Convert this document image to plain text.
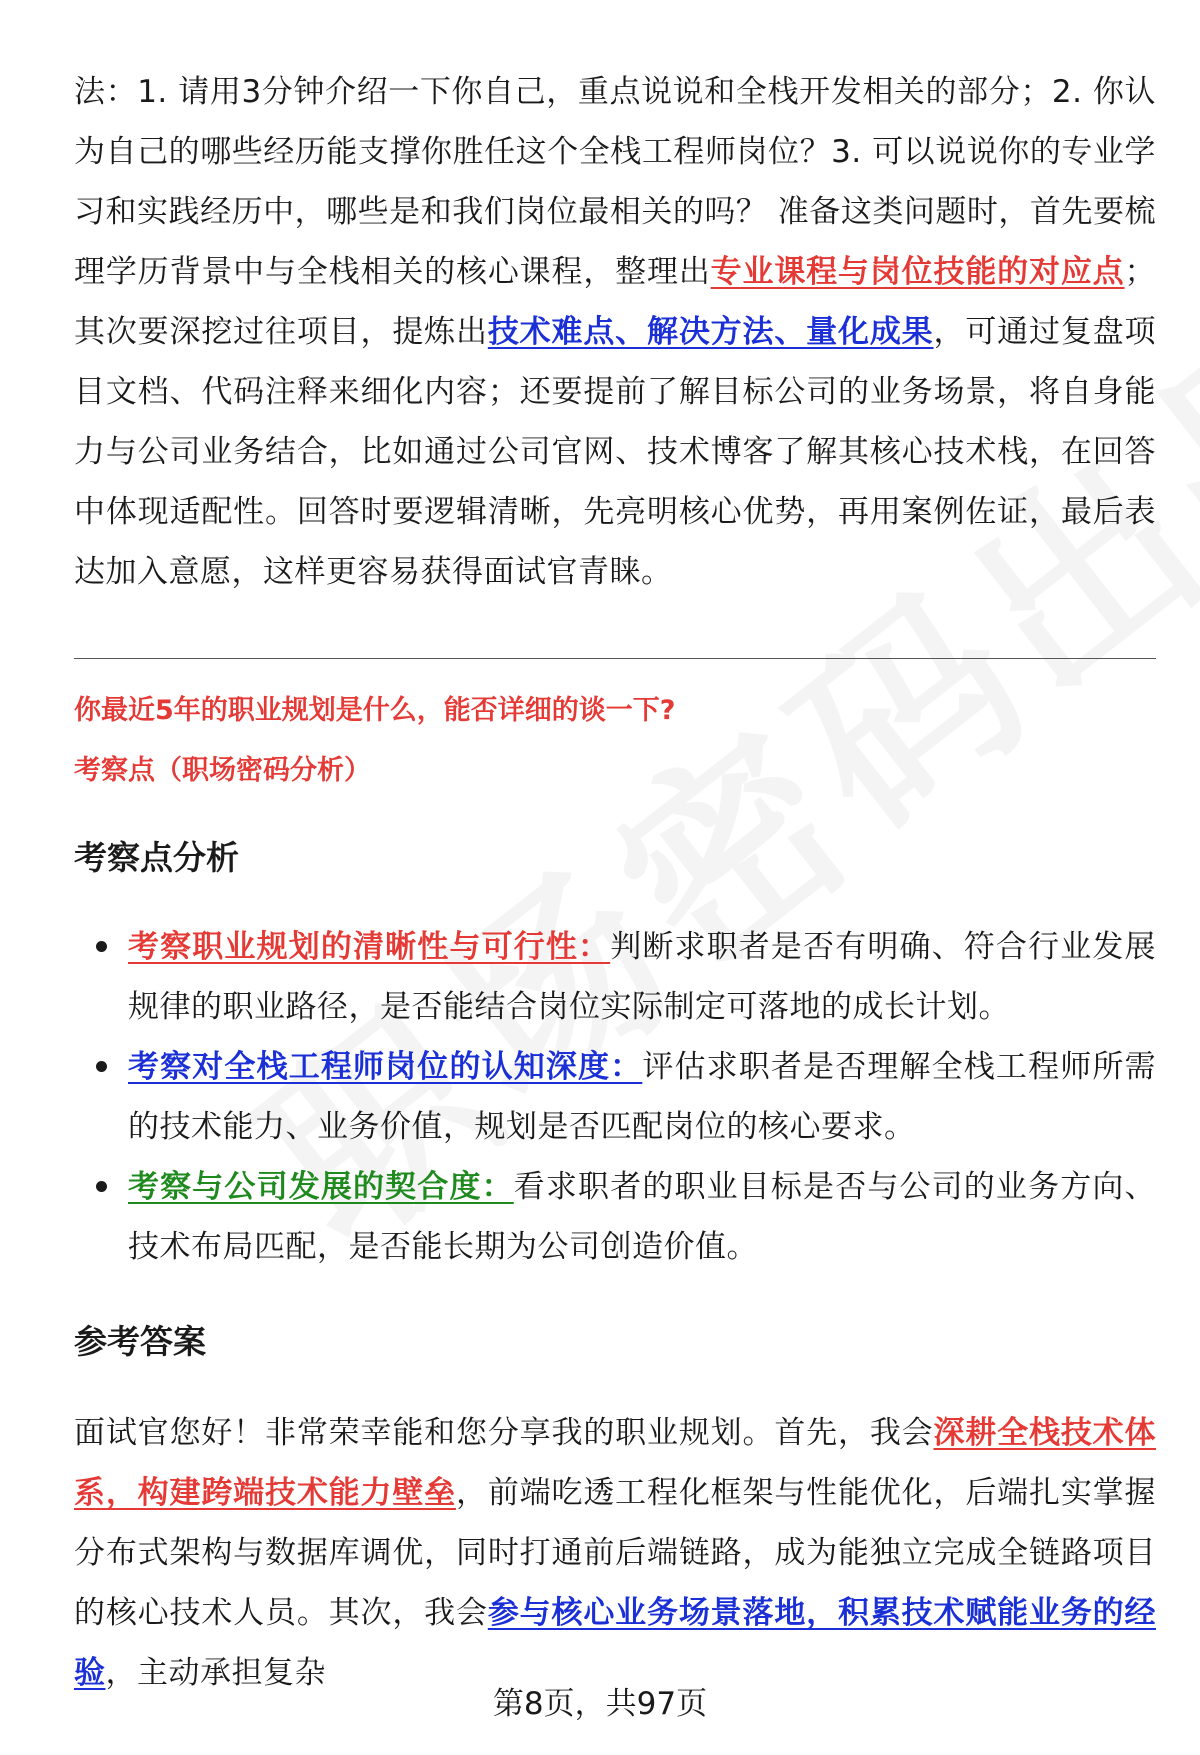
法：1. 请用3分钟介绍一下你自己，重点说说和全栈开发相关的部分；2. 你认为自己的哪些经历能支撑你胜任这个全栈工程师岗位？3. 可以说说你的专业学习和实践经历中，哪些是和我们岗位最相关的吗？ 准备这类问题时，首先要梳理学历背景中与全栈相关的核心课程，整理出专业课程与岗位技能的对应点；其次要深挖过往项目，提炼出技术难点、解决方法、量化成果，可通过复盘项目文档、代码注释来细化内容；还要提前了解目标公司的业务场景，将自身能力与公司业务结合，比如通过公司官网、技术博客了解其核心技术栈，在回答中体现适配性。回答时要逻辑清晰，先亮明核心优势，再用案例佐证，最后表达加入意愿，这样更容易获得面试官青睐。

你最近5年的职业规划是什么，能否详细的谈一下?

考察点（职场密码分析）

考察点分析
考察职业规划的清晰性与可行性：判断求职者是否有明确、符合行业发展规律的职业路径，是否能结合岗位实际制定可落地的成长计划。
考察对全栈工程师岗位的认知深度：评估求职者是否理解全栈工程师所需的技术能力、业务价值，规划是否匹配岗位的核心要求。
考察与公司发展的契合度：看求职者的职业目标是否与公司的业务方向、技术布局匹配，是否能长期为公司创造价值。
参考答案

面试官您好！非常荣幸能和您分享我的职业规划。首先，我会深耕全栈技术体系，构建跨端技术能力壁垒，前端吃透工程化框架与性能优化，后端扎实掌握分布式架构与数据库调优，同时打通前后端链路，成为能独立完成全链路项目的核心技术人员。其次，我会参与核心业务场景落地，积累技术赋能业务的经验，主动承担复杂

第8页，共97页
